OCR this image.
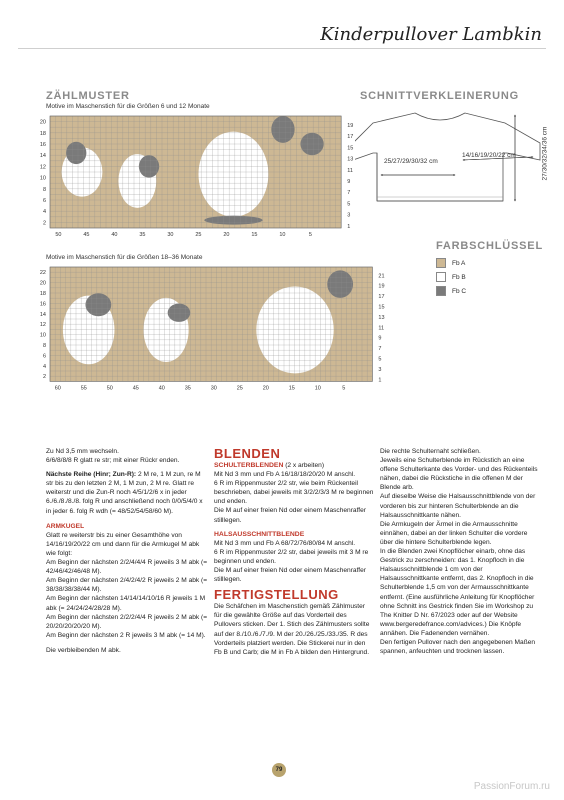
Kinderpullover Lambkin
ZÄHLMUSTER
Motive im Maschenstich für die Größen 6 und 12 Monate
20
18
16
14
12
10
8
6
4
2
19
17
15
13
11
9
7
5
3
1
50	45	40	35	30	25	20	15	10	5
Motive im Maschenstich für die Größen 18–36 Monate
22
20
18
16
14
12
10
8
6
4
2
21
19
17
15
13
11
9
7
5
3
1
60	55	50	45	40	35	30	25	20	15	10	5
SCHNITTVERKLEINERUNG
25/27/29/30/32 cm
14/16/19/20/22 cm	27/30/32/34/36 cm
FARBSCHLÜSSEL
Fb A
Fb B
Fb C

Zu Nd 3,5 mm wechseln.

6/6/8/8/8 R glatt re str; mit einer Rückr enden.

Nächste Reihe (Hinr; Zun-R): 2 M re, 1 M zun, re M str bis zu den letzten 2 M, 1 M zun, 2 M re. Glatt re weiterstr und die Zun-R noch 4/5/1/2/6 x in jeder 6./6./8./8./8. folg R und anschließend noch 0/0/5/4/0 x in jeder 6. folg R wdh (= 48/52/54/58/60 M).

ARMKUGEL

Glatt re weiterstr bis zu einer Gesamthöhe von 14/16/19/20/22 cm und dann für die Armkugel M abk wie folgt:

Am Beginn der nächsten 2/2/4/4/4 R jeweils 3 M abk (= 42/46/42/46/48 M).

Am Beginn der nächsten 2/4/2/4/2 R jeweils 2 M abk (= 38/38/38/38/44 M).

Am Beginn der nächsten 14/14/14/10/16 R jeweils 1 M abk (= 24/24/24/28/28 M).

Am Beginn der nächsten 2/2/2/4/4 R jeweils 2 M abk (= 20/20/20/20/20 M).

Am Beginn der nächsten 2 R jeweils 3 M abk (= 14 M).

Die verbleibenden M abk.

BLENDEN

SCHULTERBLENDEN (2 x arbeiten)

Mit Nd 3 mm und Fb A 16/18/18/20/20 M anschl.

6 R im Rippenmuster 2/2 str, wie beim Rückenteil beschrieben, dabei jeweils mit 3/2/2/3/3 M re beginnen und enden.

Die M auf einer freien Nd oder einem Maschenraffer stilllegen.

HALSAUSSCHNITTBLENDE

Mit Nd 3 mm und Fb A 68/72/76/80/84 M anschl.

6 R im Rippenmuster 2/2 str, dabei jeweils mit 3 M re beginnen und enden.

Die M auf einer freien Nd oder einem Maschenraffer stilllegen.

FERTIGSTELLUNG

Die Schäfchen im Maschenstich gemäß Zählmuster für die gewählte Größe auf das Vorderteil des Pullovers sticken. Der 1. Stich des Zählmusters sollte auf der 8./10./6./7./9. M der 20./26./25./33./35. R des Vorderteils platziert werden. Die Stickerei nur in den Fb B und Carb; die M in Fb A bilden den Hintergrund.

Die rechte Schulternaht schließen.

Jeweils eine Schulterblende im Rückstich an eine offene Schulterkante des Vorder- und des Rückenteils nähen, dabei die Rückstiche in die offenen M der Blende arb.

Auf dieselbe Weise die Halsausschnittblende von der vorderen bis zur hinteren Schulterblende an die Halsausschnittkante nähen.

Die Armkugeln der Ärmel in die Armausschnitte einnähen, dabei an der linken Schulter die vordere über die hintere Schulterblende legen.

In die Blenden zwei Knopflöcher einarb, ohne das Gestrick zu zerschneiden: das 1. Knopfloch in die Halsausschnittblende 1 cm von der Halsausschnittkante entfernt, das 2. Knopfloch in die Schulterblende 1,5 cm von der Armausschnittkante entfernt. (Eine ausführliche Anleitung für Knopflöcher ohne Schnitt ins Gestrick finden Sie im Workshop zu The Knitter D Nr. 67/2023 oder auf der Website www.bergeredefrance.com/advices.) Die Knöpfe annähen. Die Fadenenden vernähen.

Den fertigen Pullover nach den angegebenen Maßen spannen, anfeuchten und trocknen lassen.

79
PassionForum.ru
